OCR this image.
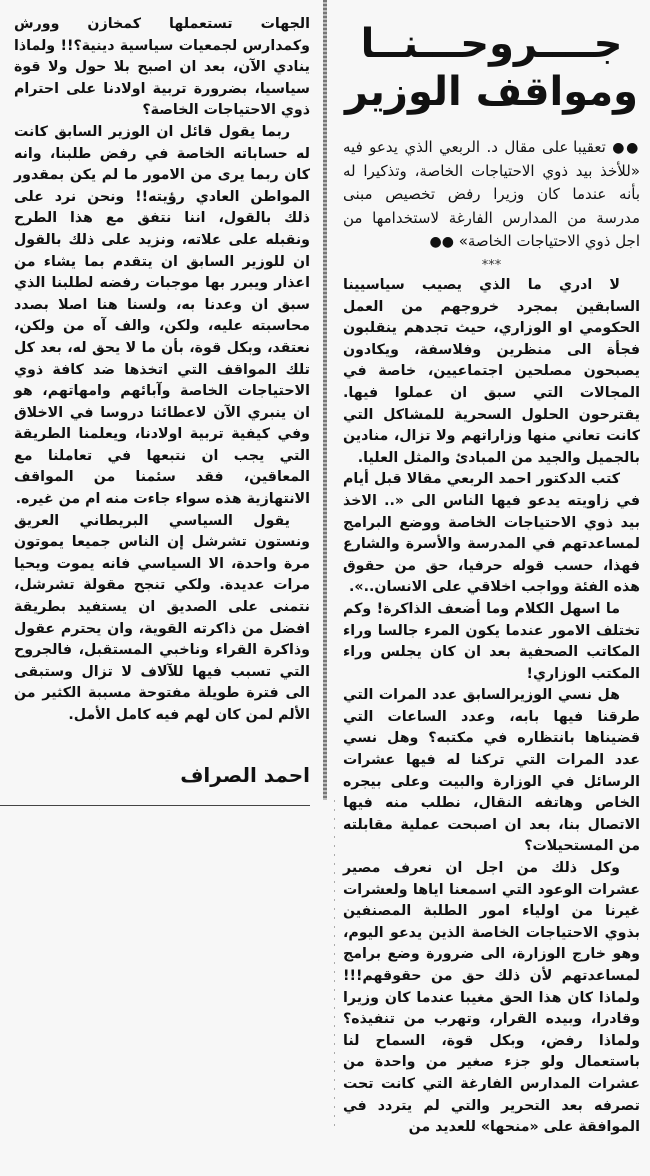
جــــروحـــنــا
ومواقف الوزير

●● تعقيبا على مقال د. الربعي الذي يدعو فيه «للأخذ بيد ذوي الاحتياجات الخاصة، وتذكيرا له بأنه عندما كان وزيرا رفض تخصيص مبنى مدرسة من المدارس الفارغة لاستخدامها من اجل ذوي الاحتياجات الخاصة» ●●

***

لا ادري ما الذي يصيب سياسيينا السابقين بمجرد خروجهم من العمل الحكومي او الوزاري، حيث تجدهم ينقلبون فجأة الى منظرين وفلاسفة، ويكادون يصبحون مصلحين اجتماعيين، خاصة في المجالات التي سبق ان عملوا فيها. يقترحون الحلول السحرية للمشاكل التي كانت تعاني منها وزاراتهم ولا تزال، منادين بالجميل والجيد من المبادئ والمثل العليا.

كتب الدكتور احمد الربعي مقالا قبل أيام في زاويته يدعو فيها الناس الى «.. الاخذ بيد ذوي الاحتياجات الخاصة ووضع البرامج لمساعدتهم في المدرسة والأسرة والشارع فهذا، حسب قوله حرفيا، حق من حقوق هذه الفئة وواجب اخلاقي على الانسان..».

ما اسهل الكلام وما أضعف الذاكرة! وكم تختلف الامور عندما يكون المرء جالسا وراء المكاتب الصحفية بعد ان كان يجلس وراء المكتب الوزاري!

هل نسي الوزيرالسابق عدد المرات التي طرقنا فيها بابه، وعدد الساعات التي قضيناها بانتظاره في مكتبه؟ وهل نسي عدد المرات التي تركنا له فيها عشرات الرسائل في الوزارة والبيت وعلى بيجره الخاص وهاتفه النقال، نطلب منه فيها الاتصال بنا، بعد ان اصبحت عملية مقابلته من المستحيلات؟

وكل ذلك من اجل ان نعرف مصير عشرات الوعود التي اسمعنا اياها ولعشرات غيرنا من اولياء امور الطلبة المصنفين بذوي الاحتياجات الخاصة الذين يدعو اليوم، وهو خارج الوزارة، الى ضرورة وضع برامج لمساعدتهم لأن ذلك حق من حقوقهم!!! ولماذا كان هذا الحق مغيبا عندما كان وزيرا وقادرا، وبيده القرار، وتهرب من تنفيذه؟ ولماذا رفض، وبكل قوة، السماح لنا باستعمال ولو جزء صغير من واحدة من عشرات المدارس الفارغة التي كانت تحت تصرفه بعد التحرير والتي لم يتردد في الموافقة على «منحها» للعديد من

الجهات تستعملها كمخازن وورش وكمدارس لجمعيات سياسية دينية؟!! ولماذا ينادي الآن، بعد ان اصبح بلا حول ولا قوة سياسيا، بضرورة تربية اولادنا على احترام ذوي الاحتياجات الخاصة؟

ربما يقول قائل ان الوزير السابق كانت له حساباته الخاصة في رفض طلبنا، وانه كان ربما يرى من الامور ما لم يكن بمقدور المواطن العادي رؤيته!! ونحن نرد على ذلك بالقول، اننا نتفق مع هذا الطرح ونقبله على علاته، ونزيد على ذلك بالقول ان للوزير السابق ان يتقدم بما يشاء من اعذار ويبرر بها موجبات رفضه لطلبنا الذي سبق ان وعدنا به، ولسنا هنا اصلا بصدد محاسبته عليه، ولكن، والف آه من ولكن، نعتقد، وبكل قوة، بأن ما لا يحق له، بعد كل تلك المواقف التي اتخذها ضد كافة ذوي الاحتياجات الخاصة وآبائهم وامهاتهم، هو ان ينبري الآن لاعطائنا دروسا في الاخلاق وفي كيفية تربية اولادنا، ويعلمنا الطريقة التي يجب ان نتبعها في تعاملنا مع المعاقين، فقد سئمنا من المواقف الانتهازية هذه سواء جاءت منه ام من غيره.

يقول السياسي البريطاني العريق ونستون تشرشل إن الناس جميعا يموتون مرة واحدة، الا السياسي فانه يموت ويحيا مرات عديدة. ولكي تنجح مقولة تشرشل، نتمنى على الصديق ان يستفيد بطريقة افضل من ذاكرته القوية، وان يحترم عقول وذاكرة القراء وناخبي المستقبل، فالجروح التي تسبب فيها للآلاف لا تزال وستبقى الى فترة طويلة مفتوحة مسببة الكثير من الألم لمن كان لهم فيه كامل الأمل.

احمد الصراف
